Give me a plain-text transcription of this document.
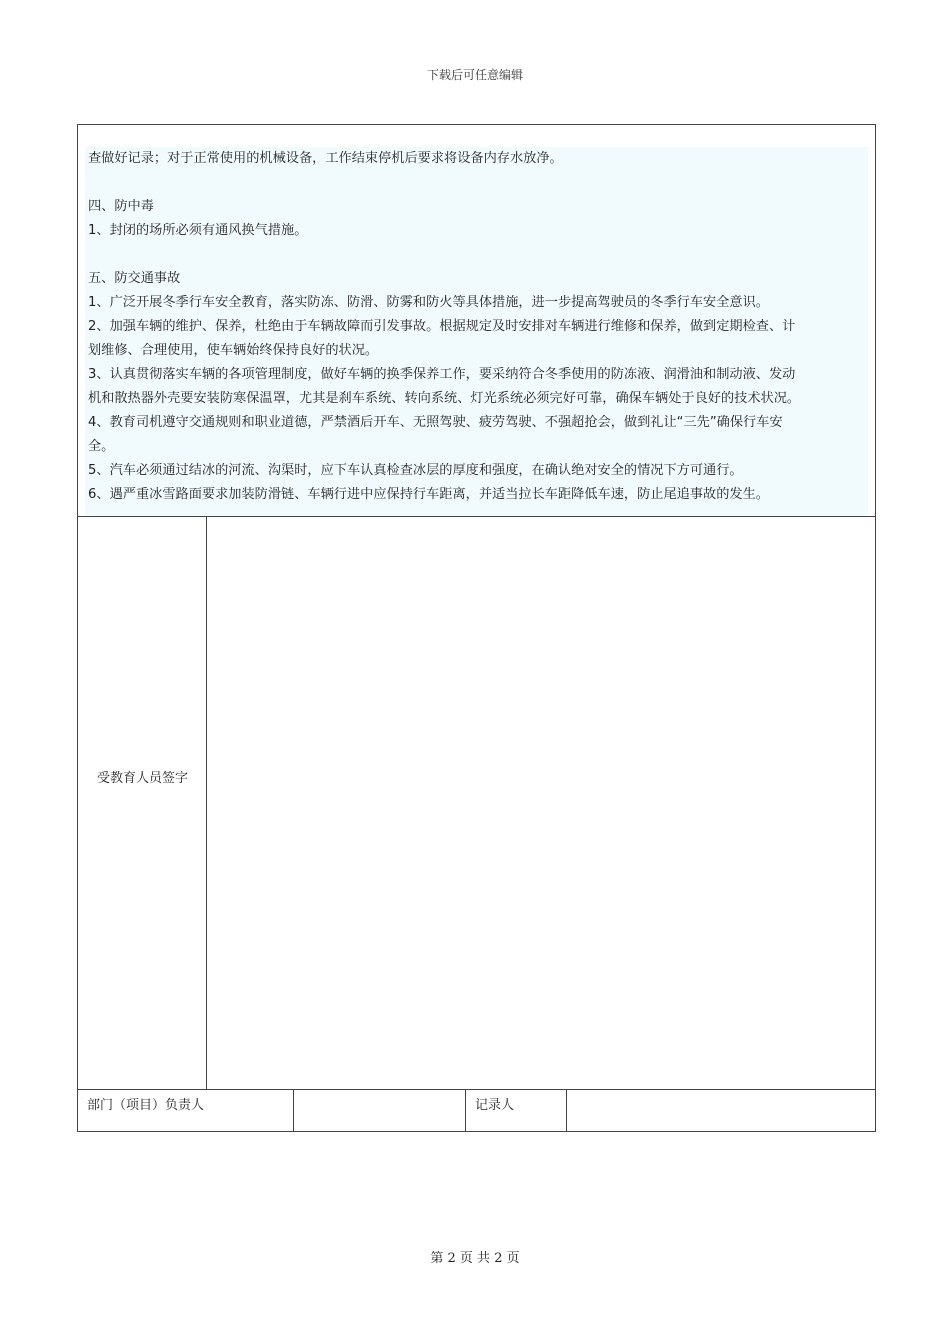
下载后可任意编辑

查做好记录；对于正常使用的机械设备，工作结束停机后要求将设备内存水放净。

四、防中毒

1、封闭的场所必须有通风换气措施。

五、防交通事故

1、广泛开展冬季行车安全教育，落实防冻、防滑、防雾和防火等具体措施，进一步提高驾驶员的冬季行车安全意识。

2、加强车辆的维护、保养，杜绝由于车辆故障而引发事故。根据规定及时安排对车辆进行维修和保养，做到定期检查、计

划维修、合理使用，使车辆始终保持良好的状况。

3、认真贯彻落实车辆的各项管理制度，做好车辆的换季保养工作，要采纳符合冬季使用的防冻液、润滑油和制动液、发动

机和散热器外壳要安装防寒保温罩，尤其是刹车系统、转向系统、灯光系统必须完好可靠，确保车辆处于良好的技术状况。

4、教育司机遵守交通规则和职业道德，严禁酒后开车、无照驾驶、疲劳驾驶、不强超抢会，做到礼让“三先”确保行车安

全。

5、汽车必须通过结冰的河流、沟渠时，应下车认真检查冰层的厚度和强度，在确认绝对安全的情况下方可通行。

6、遇严重冰雪路面要求加装防滑链、车辆行进中应保持行车距离，并适当拉长车距降低车速，防止尾追事故的发生。

受教育人员签字
部门（项目）负责人	记录人
第 2 页 共 2 页
